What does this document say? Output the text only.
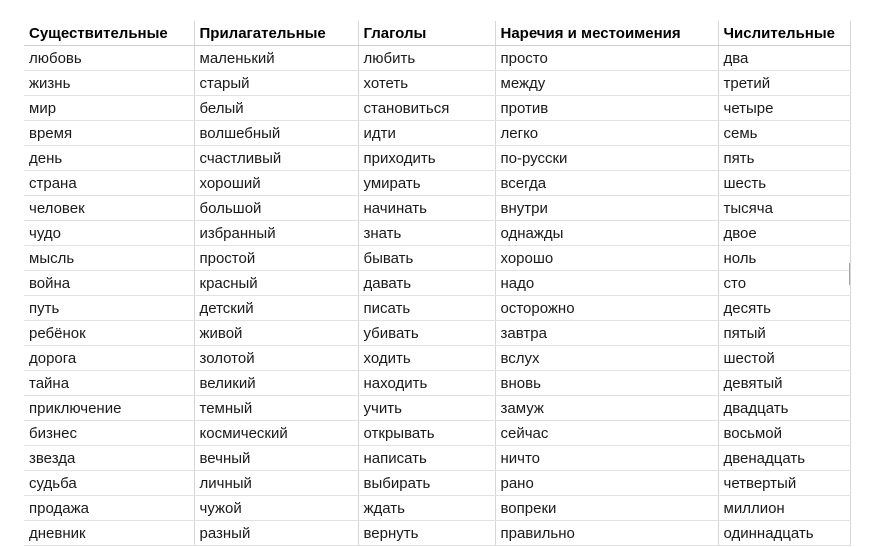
Существительные	Прилагательные	Глаголы	Наречия и местоимения	Числительные
любовь	маленький	любить	просто	два
жизнь	старый	хотеть	между	третий
мир	белый	становиться	против	четыре
время	волшебный	идти	легко	семь
день	счастливый	приходить	по-русски	пять
страна	хороший	умирать	всегда	шесть
человек	большой	начинать	внутри	тысяча
чудо	избранный	знать	однажды	двое
мысль	простой	бывать	хорошо	ноль
война	красный	давать	надо	сто
путь	детский	писать	осторожно	десять
ребёнок	живой	убивать	завтра	пятый
дорога	золотой	ходить	вслух	шестой
тайна	великий	находить	вновь	девятый
приключение	темный	учить	замуж	двадцать
бизнес	космический	открывать	сейчас	восьмой
звезда	вечный	написать	ничто	двенадцать
судьба	личный	выбирать	рано	четвертый
продажа	чужой	ждать	вопреки	миллион
дневник	разный	вернуть	правильно	одиннадцать
